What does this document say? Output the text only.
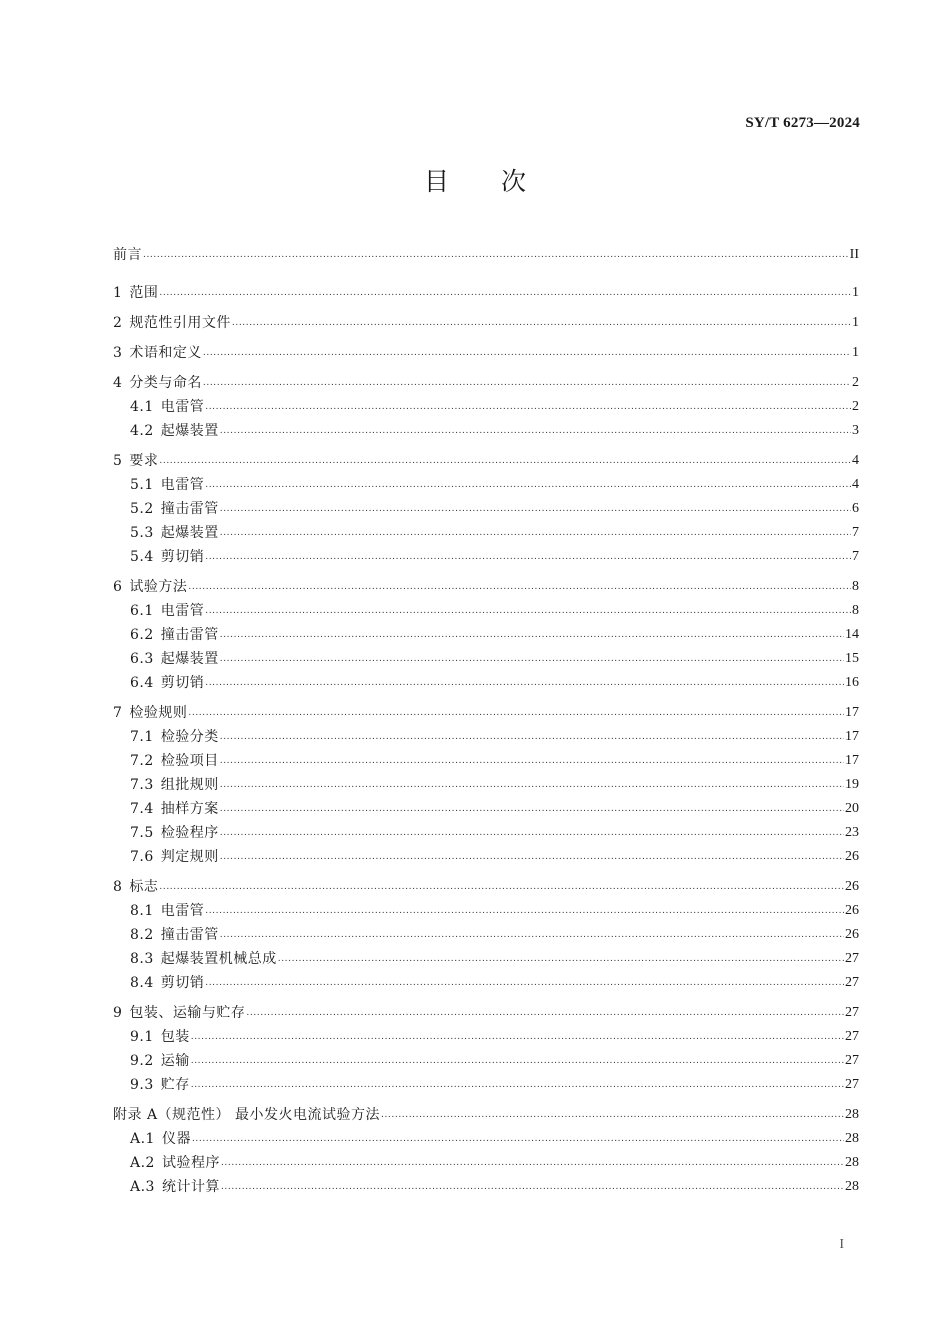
SY/T 6273—2024
目 次
前言 .....	II
1 范围 .....	1
2 规范性引用文件 .....	1
3 术语和定义 .....	1
4 分类与命名 .....	2
4.1 电雷管 .....	2
4.2 起爆装置 .....	3
5 要求 .....	4
5.1 电雷管 .....	4
5.2 撞击雷管 .....	6
5.3 起爆装置 .....	7
5.4 剪切销 .....	7
6 试验方法 .....	8
6.1 电雷管 .....	8
6.2 撞击雷管 .....	14
6.3 起爆装置 .....	15
6.4 剪切销 .....	16
7 检验规则 .....	17
7.1 检验分类 .....	17
7.2 检验项目 .....	17
7.3 组批规则 .....	19
7.4 抽样方案 .....	20
7.5 检验程序 .....	23
7.6 判定规则 .....	26
8 标志 .....	26
8.1 电雷管 .....	26
8.2 撞击雷管 .....	26
8.3 起爆装置机械总成 .....	27
8.4 剪切销 .....	27
9 包装、运输与贮存 .....	27
9.1 包装 .....	27
9.2 运输 .....	27
9.3 贮存 .....	27
附录 A（规范性） 最小发火电流试验方法 .....	28
A.1 仪器 .....	28
A.2 试验程序 .....	28
A.3 统计计算 .....	28
I
